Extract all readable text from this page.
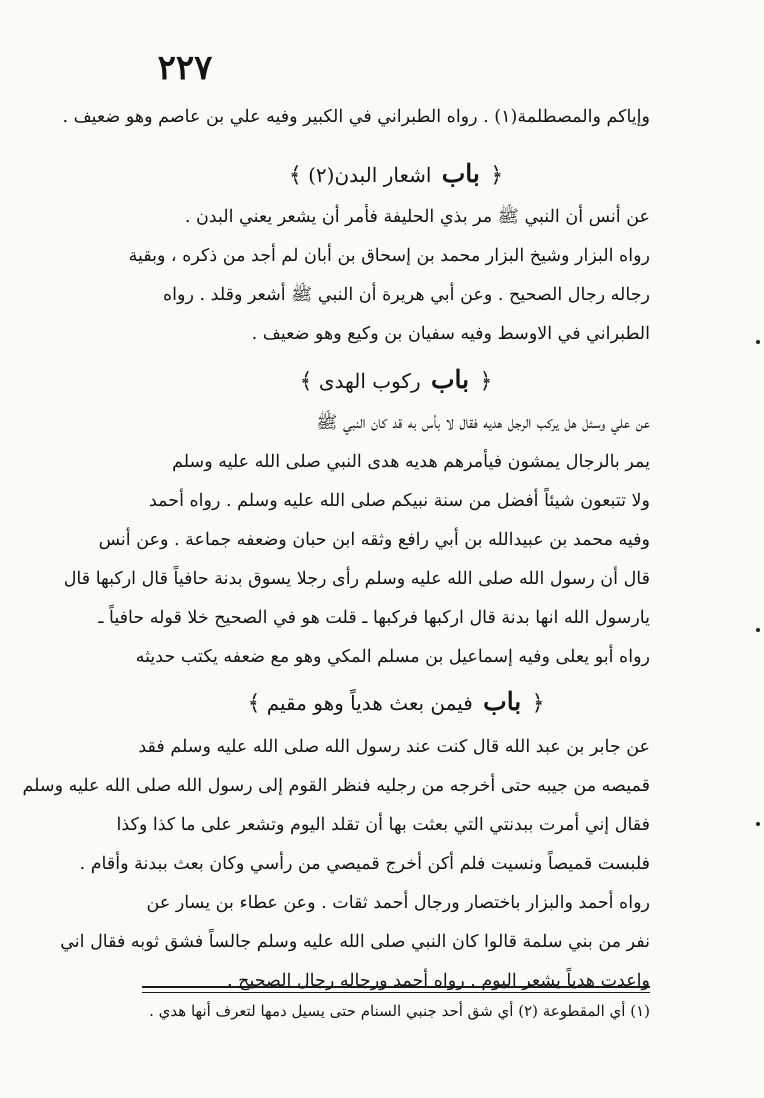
٢٢٧
وإياكم والمصطلمة(١) . رواه الطبراني في الكبير وفيه علي بن عاصم وهو ضعيف .
﴿ باب اشعار البدن(٢) ﴾
عن أنس أن النبي ﷺ مر بذي الحليفة فأمر أن يشعر يعني البدن .
رواه البزار وشيخ البزار محمد بن إسحاق بن أبان لم أجد من ذكره ، وبقية
رجاله رجال الصحيح . وعن أبي هريرة أن النبي ﷺ أشعر وقلد . رواه
الطبراني في الاوسط وفيه سفيان بن وكيع وهو ضعيف .
﴿ باب ركوب الهدى ﴾
عن علي وسئل هل يركب الرجل هديه فقال لا بأس به قد كان النبي ﷺ
يمر بالرجال يمشون فيأمرهم هديه هدى النبي صلى الله عليه وسلم
ولا تتبعون شيئاً أفضل من سنة نبيكم صلى الله عليه وسلم . رواه أحمد
وفيه محمد بن عبيدالله بن أبي رافع وثقه ابن حبان وضعفه جماعة . وعن أنس
قال أن رسول الله صلى الله عليه وسلم رأى رجلا يسوق بدنة حافياً قال اركبها قال
يارسول الله انها بدنة قال اركبها فركبها ـ قلت هو في الصحيح خلا قوله حافياً ـ
رواه أبو يعلى وفيه إسماعيل بن مسلم المكي وهو مع ضعفه يكتب حديثه
﴿ باب فيمن بعث هدياً وهو مقيم ﴾
عن جابر بن عبد الله قال كنت عند رسول الله صلى الله عليه وسلم فقد
قميصه من جيبه حتى أخرجه من رجليه فنظر القوم إلى رسول الله صلى الله عليه وسلم
فقال إني أمرت ببدنتي التي بعثت بها أن تقلد اليوم وتشعر على ما كذا وكذا
فلبست قميصاً ونسيت فلم أكن أخرج قميصي من رأسي وكان بعث ببدنة وأقام .
رواه أحمد والبزار باختصار ورجال أحمد ثقات . وعن عطاء بن يسار عن
نفر من بني سلمة قالوا كان النبي صلى الله عليه وسلم جالساً فشق ثوبه فقال اني
واعدت هدياً يشعر اليوم . رواه أحمد ورجاله رجال الصحيح .
(١) أي المقطوعة (٢) أي شق أحد جنبي السنام حتى يسيل دمها لتعرف أنها هدي .
